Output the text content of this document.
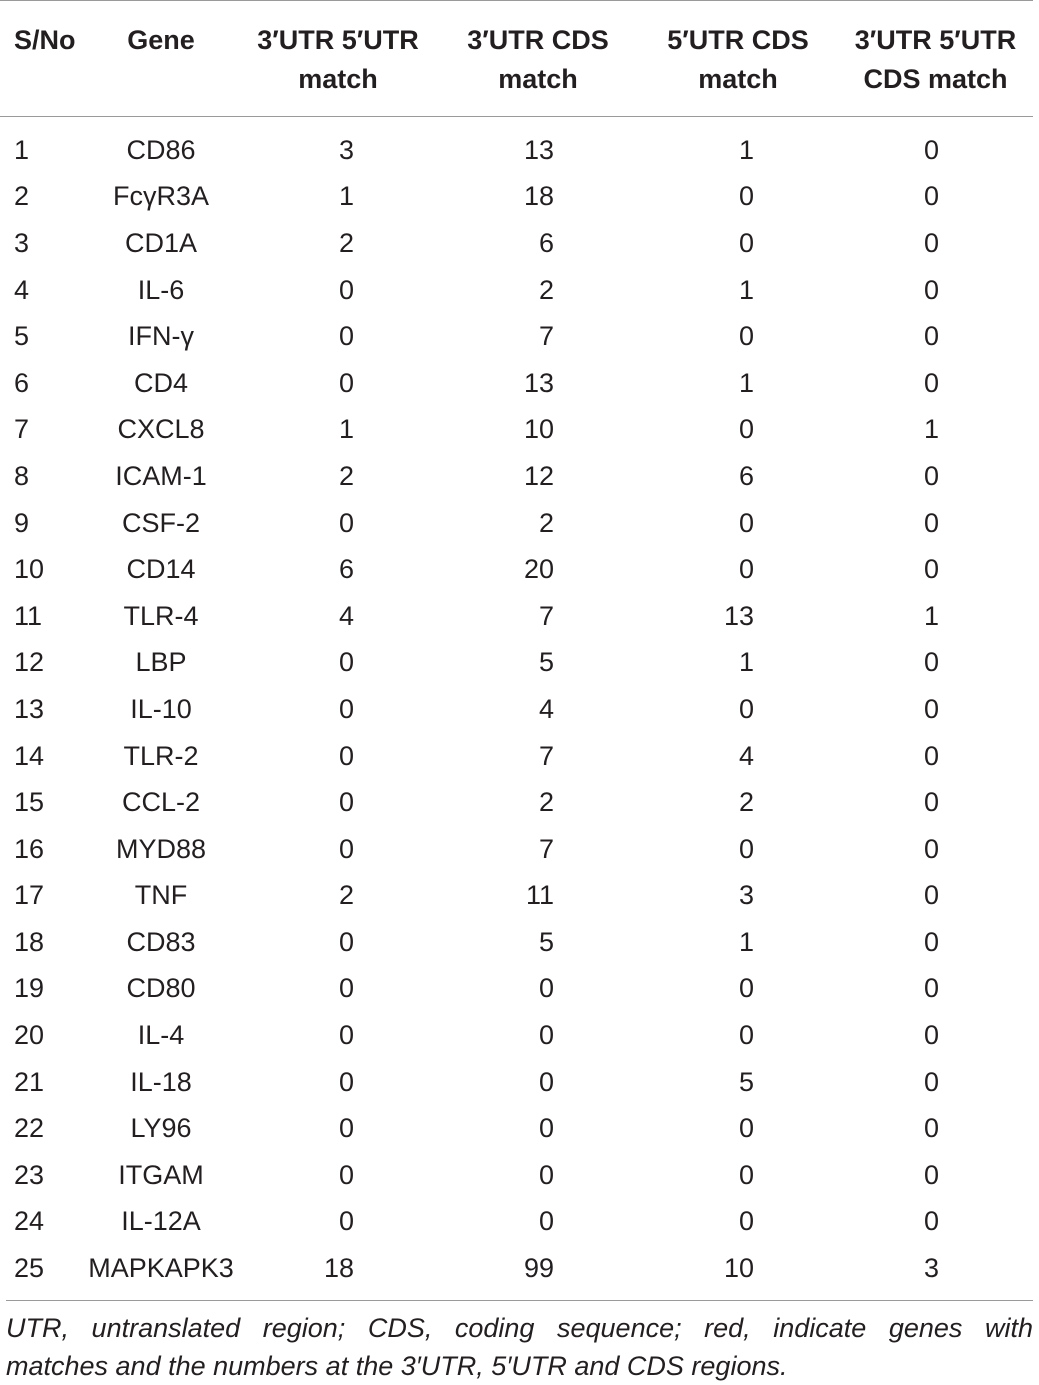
S/No	Gene	3′UTR 5′UTR match	3′UTR CDS match	5′UTR CDS match	3′UTR 5′UTR CDS match
1	CD86	3	13	1	0
2	FcγR3A	1	18	0	0
3	CD1A	2	6	0	0
4	IL-6	0	2	1	0
5	IFN-γ	0	7	0	0
6	CD4	0	13	1	0
7	CXCL8	1	10	0	1
8	ICAM-1	2	12	6	0
9	CSF-2	0	2	0	0
10	CD14	6	20	0	0
11	TLR-4	4	7	13	1
12	LBP	0	5	1	0
13	IL-10	0	4	0	0
14	TLR-2	0	7	4	0
15	CCL-2	0	2	2	0
16	MYD88	0	7	0	0
17	TNF	2	11	3	0
18	CD83	0	5	1	0
19	CD80	0	0	0	0
20	IL-4	0	0	0	0
21	IL-18	0	0	5	0
22	LY96	0	0	0	0
23	ITGAM	0	0	0	0
24	IL-12A	0	0	0	0
25	MAPKAPK3	18	99	10	3
UTR, untranslated region; CDS, coding sequence; red, indicate genes with
matches and the numbers at the 3′UTR, 5′UTR and CDS regions.
